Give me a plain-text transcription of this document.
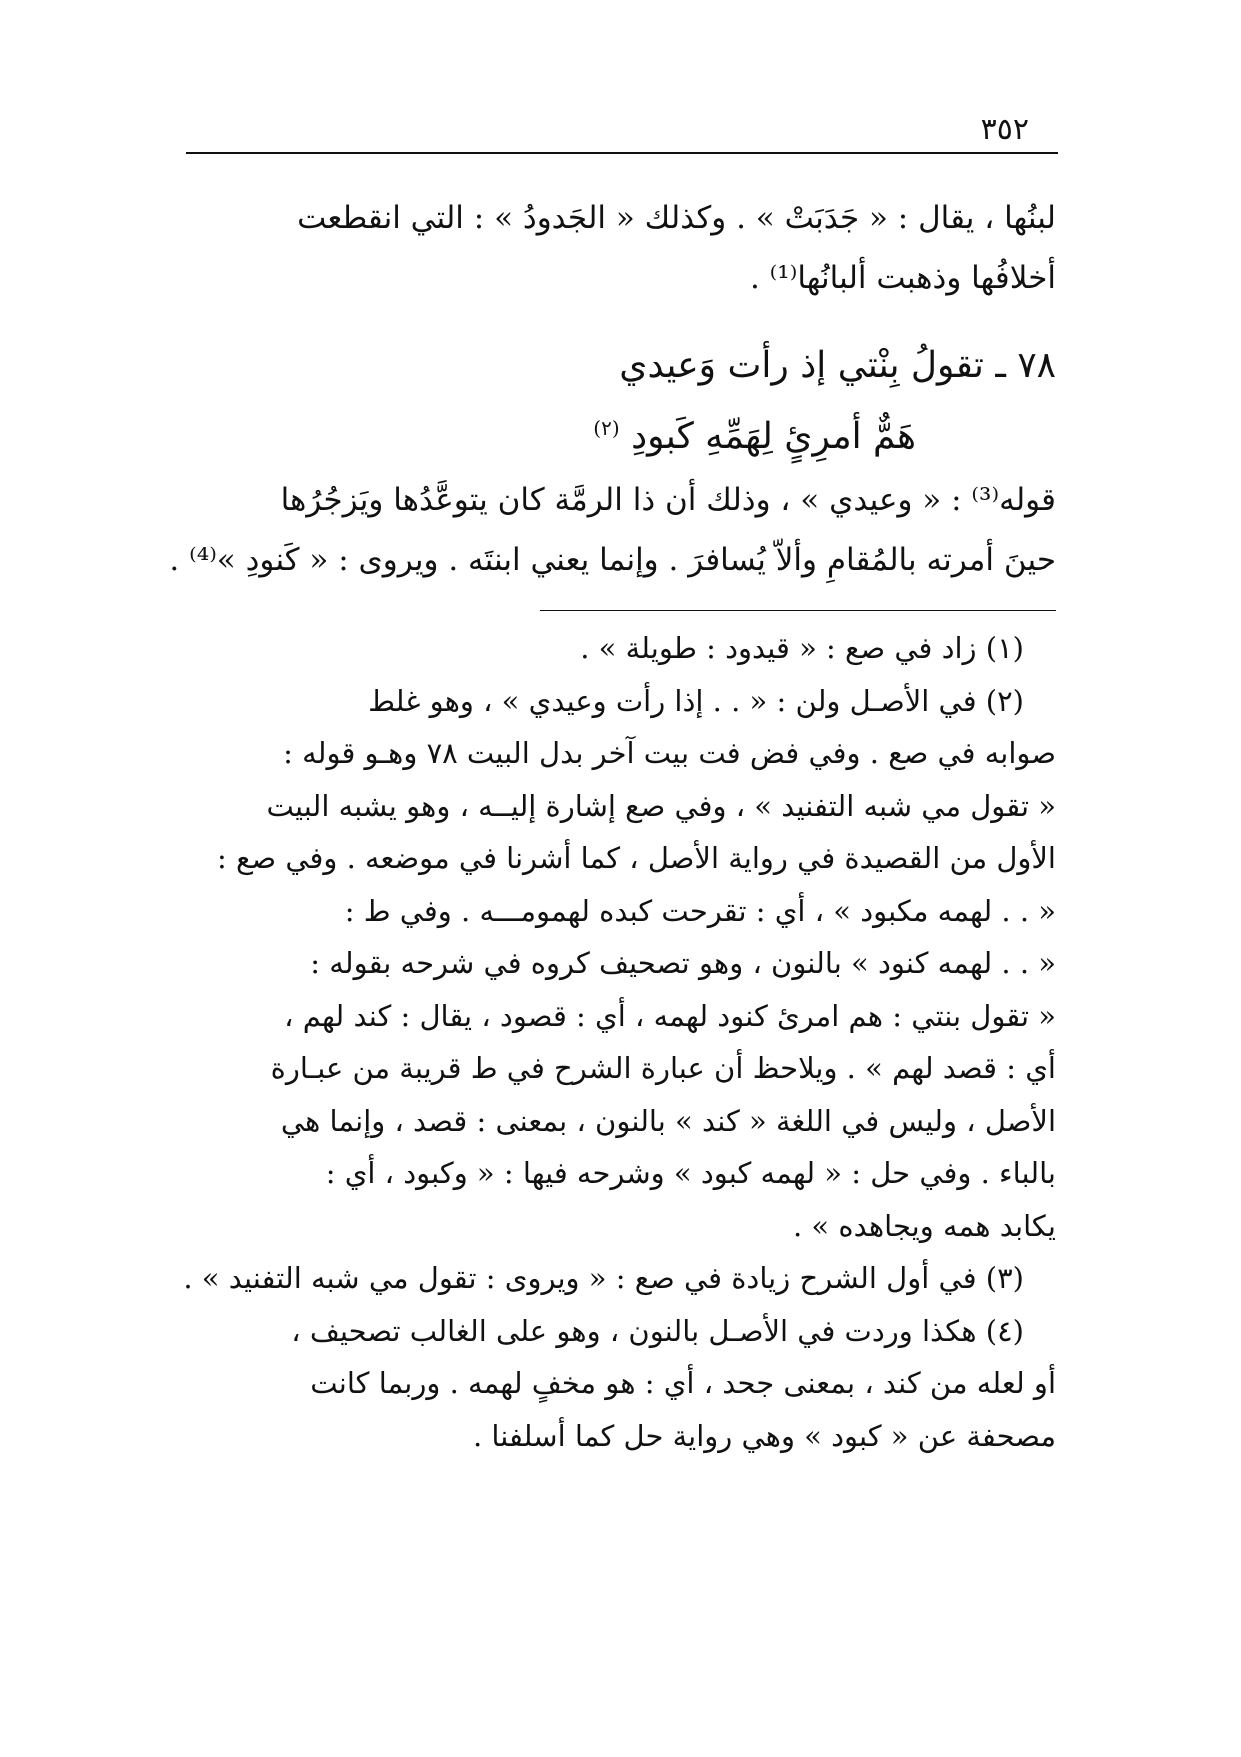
٣٥٢
لبنُها ، يقال : « جَدَبَتْ » . وكذلك « الجَدودُ » : التي انقطعت
أخلافُها وذهبت ألبانُها⁽¹⁾ .
٧٨ ـ تقولُ بِنْتي إذ رأت وَعيدي
هَمٌّ أمرِئٍ لِهَمِّهِ كَبودِ $^{(٢)}$
قوله⁽³⁾ : « وعيدي » ، وذلك أن ذا الرمَّة كان يتوعَّدُها ويَزجُرُها
حينَ أمرته بالمُقامِ وألاّ يُسافرَ . وإنما يعني ابنتَه . ويروى : « كَنودِ »⁽⁴⁾ .
(١) زاد في صع : « قيدود : طويلة » .
(٢) في الأصـل ولن : « . . إذا رأت وعيدي » ، وهو غلط
صوابه في صع . وفي فض فت بيت آخر بدل البيت ٧٨ وهـو قوله :
« تقول مي شبه التفنيد » ، وفي صع إشارة إليــه ، وهو يشبه البيت
الأول من القصيدة في رواية الأصل ، كما أشرنا في موضعه . وفي صع :
« . . لهمه مكبود » ، أي : تقرحت كبده لهمومـــه . وفي ط :
« . . لهمه كنود » بالنون ، وهو تصحيف كروه في شرحه بقوله :
« تقول بنتي : هم امرئ كنود لهمه ، أي : قصود ، يقال : كند لهم ،
أي : قصد لهم » . ويلاحظ أن عبارة الشرح في ط قريبة من عبـارة
الأصل ، وليس في اللغة « كند » بالنون ، بمعنى : قصد ، وإنما هي
بالباء . وفي حل : « لهمه كبود » وشرحه فيها : « وكبود ، أي :
يكابد همه ويجاهده » .
(٣) في أول الشرح زيادة في صع : « ويروى : تقول مي شبه التفنيد » .
(٤) هكذا وردت في الأصـل بالنون ، وهو على الغالب تصحيف ،
أو لعله من كند ، بمعنى جحد ، أي : هو مخفٍ لهمه . وربما كانت
مصحفة عن « كبود » وهي رواية حل كما أسلفنا .
